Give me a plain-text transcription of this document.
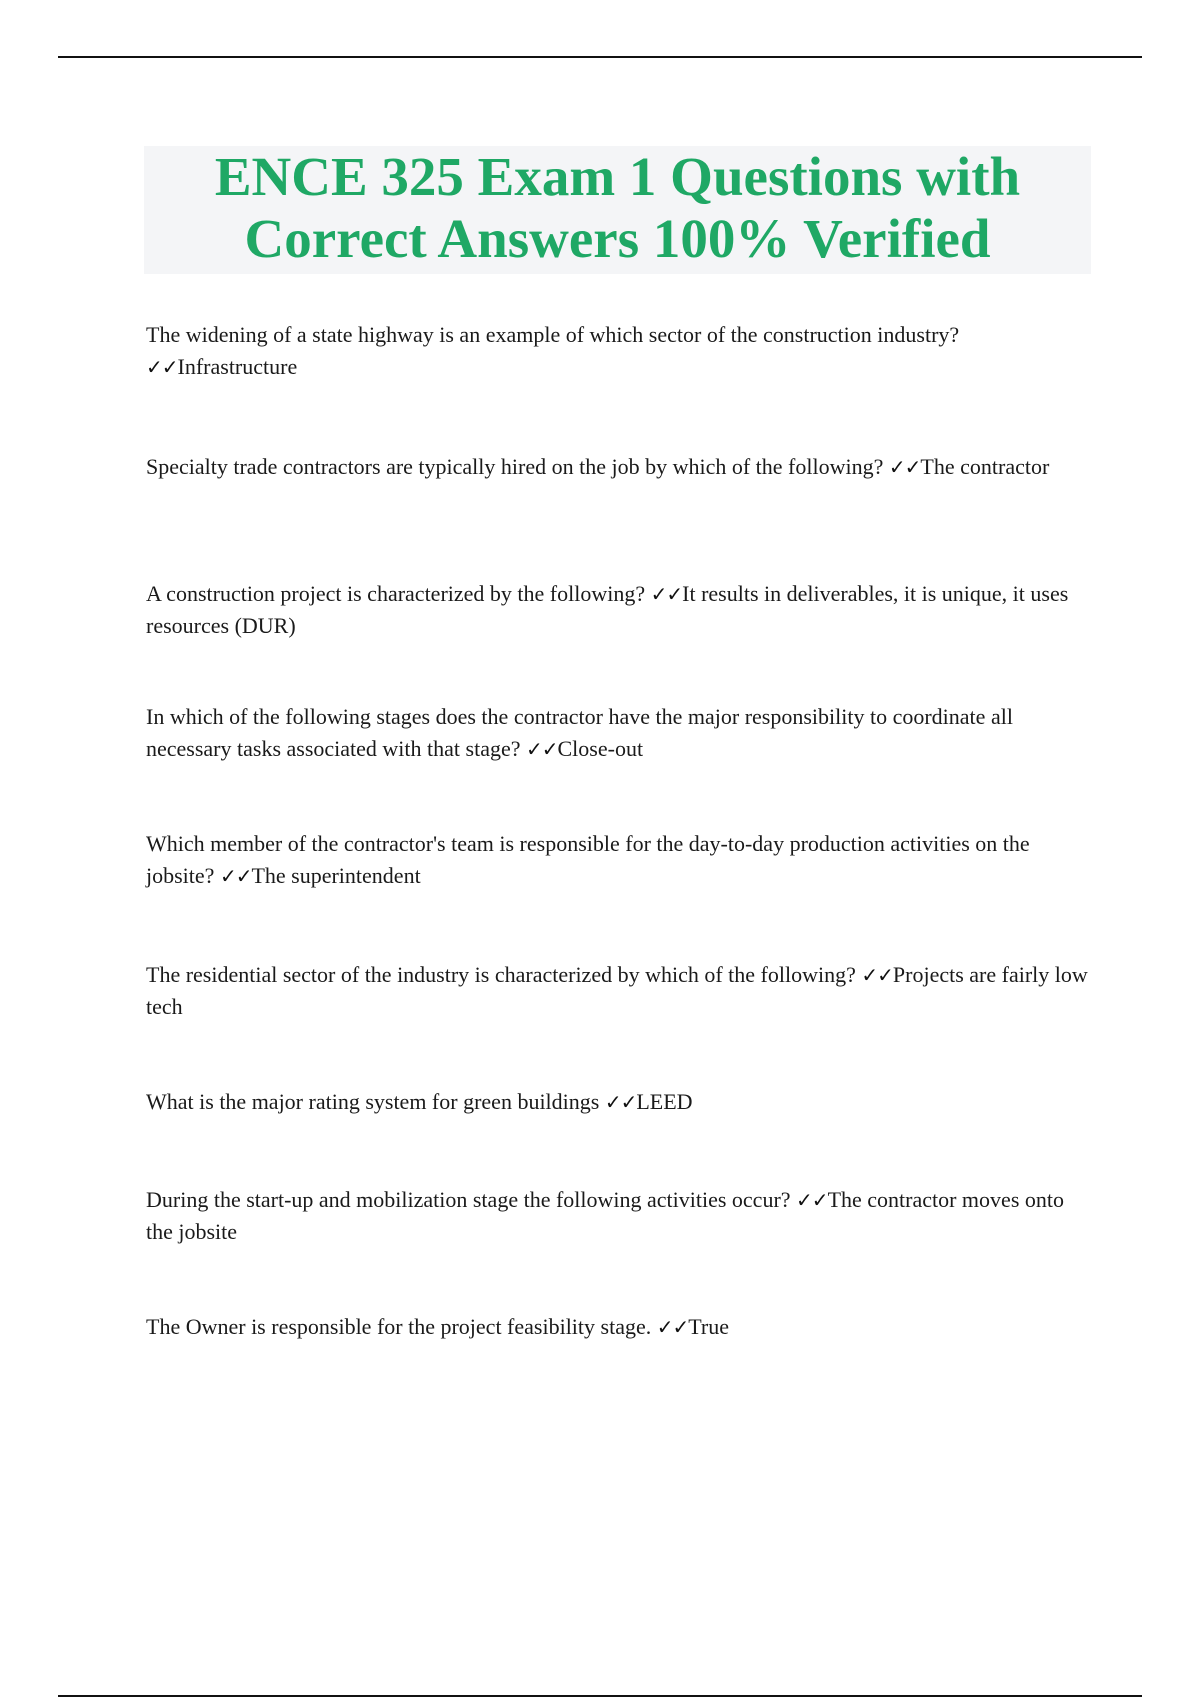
ENCE 325 Exam 1 Questions with
Correct Answers 100% Verified
The widening of a state highway is an example of which sector of the construction industry?
✓✓Infrastructure
Specialty trade contractors are typically hired on the job by which of the following? ✓✓The contractor
A construction project is characterized by the following? ✓✓It results in deliverables, it is unique, it uses resources (DUR)
In which of the following stages does the contractor have the major responsibility to coordinate all necessary tasks associated with that stage? ✓✓Close-out
Which member of the contractor's team is responsible for the day-to-day production activities on the jobsite? ✓✓The superintendent
The residential sector of the industry is characterized by which of the following? ✓✓Projects are fairly low tech
What is the major rating system for green buildings ✓✓LEED
During the start-up and mobilization stage the following activities occur? ✓✓The contractor moves onto the jobsite
The Owner is responsible for the project feasibility stage. ✓✓True
